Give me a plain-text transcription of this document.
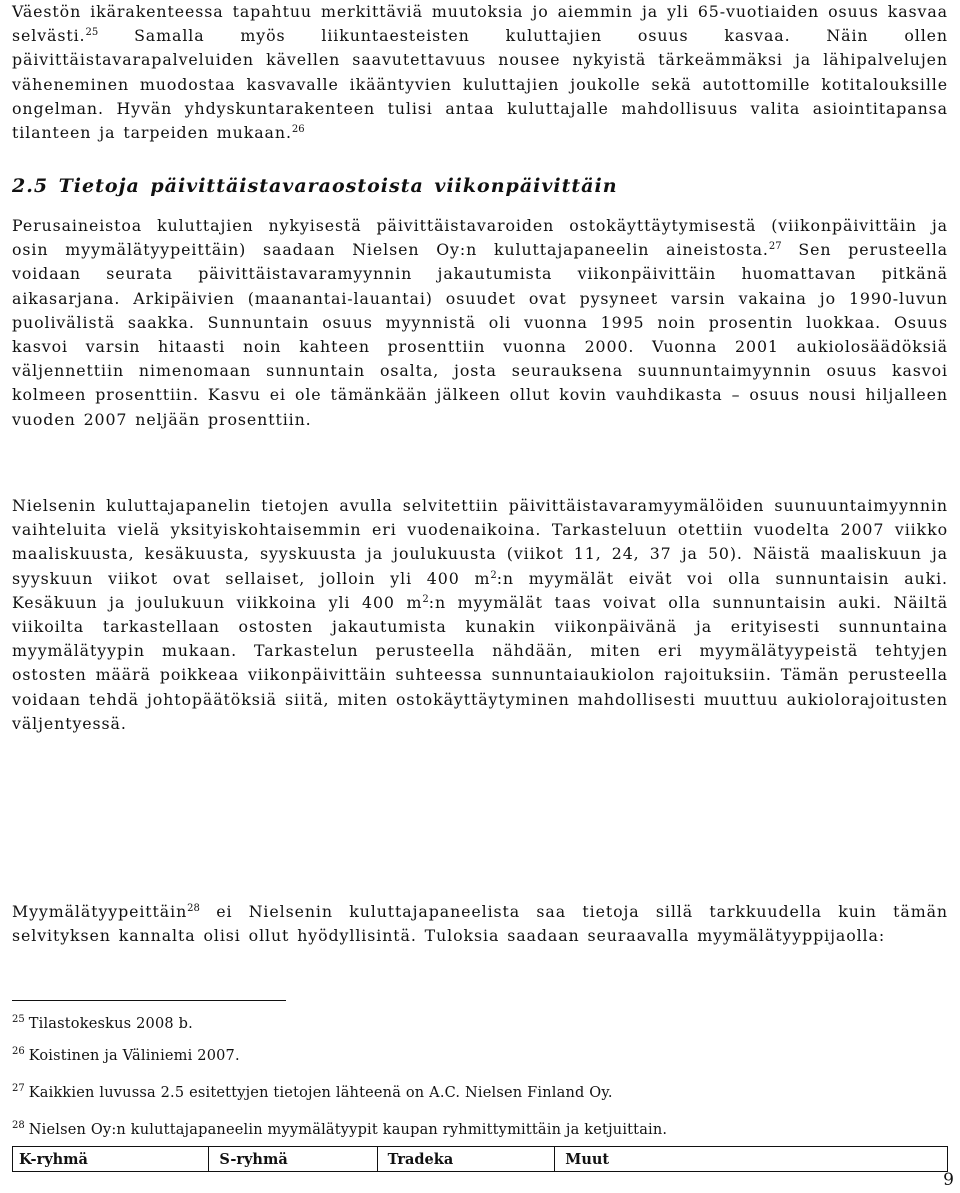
Väestön ikärakenteessa tapahtuu merkittäviä muutoksia jo aiemmin ja yli 65-vuotiaiden osuus kasvaa selvästi.$^{25}$ Samalla myös liikuntaesteisten kuluttajien osuus kasvaa. Näin ollen päivittäistavarapalveluiden kävellen saavutettavuus nousee nykyistä tärkeämmäksi ja lähipalvelujen väheneminen muodostaa kasvavalle ikääntyvien kuluttajien joukolle sekä autottomille kotitalouksille ongelman. Hyvän yhdyskuntarakenteen tulisi antaa kuluttajalle mahdollisuus valita asiointitapansa tilanteen ja tarpeiden mukaan.$^{26}$

2.5 Tietoja päivittäistavaraostoista viikonpäivittäin

Perusaineistoa kuluttajien nykyisestä päivittäistavaroiden ostokäyttäytymisestä (viikonpäivittäin ja osin myymälätyypeittäin) saadaan Nielsen Oy:n kuluttajapaneelin aineistosta.$^{27}$ Sen perusteella voidaan seurata päivittäistavaramyynnin jakautumista viikonpäivittäin huomattavan pitkänä aikasarjana. Arkipäivien (maanantai-lauantai) osuudet ovat pysyneet varsin vakaina jo 1990-luvun puolivälistä saakka. Sunnuntain osuus myynnistä oli vuonna 1995 noin prosentin luokkaa. Osuus kasvoi varsin hitaasti noin kahteen prosenttiin vuonna 2000. Vuonna 2001 aukiolosäädöksiä väljennettiin nimenomaan sunnuntain osalta, josta seurauksena suunnuntaimyynnin osuus kasvoi kolmeen prosenttiin. Kasvu ei ole tämänkään jälkeen ollut kovin vauhdikasta – osuus nousi hiljalleen vuoden 2007 neljään prosenttiin.

Nielsenin kuluttajapanelin tietojen avulla selvitettiin päivittäistavaramyymälöiden suunuuntaimyynnin vaihteluita vielä yksityiskohtaisemmin eri vuodenaikoina. Tarkasteluun otettiin vuodelta 2007 viikko maaliskuusta, kesäkuusta, syyskuusta ja joulukuusta (viikot 11, 24, 37 ja 50). Näistä maaliskuun ja syyskuun viikot ovat sellaiset, jolloin yli 400 $m^2:n$ myymälät eivät voi olla sunnuntaisin auki. Kesäkuun ja joulukuun viikkoina yli 400 $m^2:n$ myymälät taas voivat olla sunnuntaisin auki. Näiltä viikoilta tarkastellaan ostosten jakautumista kunakin viikonpäivänä ja erityisesti sunnuntaina myymälätyypin mukaan. Tarkastelun perusteella nähdään, miten eri myymälätyypeistä tehtyjen ostosten määrä poikkeaa viikonpäivittäin suhteessa sunnuntaiaukiolon rajoituksiin. Tämän perusteella voidaan tehdä johtopäätöksiä siitä, miten ostokäyttäytyminen mahdollisesti muuttuu aukiolorajoitusten väljentyessä.

Myymälätyypeittäin$^{28}$ ei Nielsenin kuluttajapaneelista saa tietoja sillä tarkkuudella kuin tämän selvityksen kannalta olisi ollut hyödyllisintä. Tuloksia saadaan seuraavalla myymälätyyppijaolla:

$^{25}$ Tilastokeskus 2008 b.

$^{26}$ Koistinen ja Väliniemi 2007.

$^{27}$ Kaikkien luvussa 2.5 esitettyjen tietojen lähteenä on A.C. Nielsen Finland Oy.

$^{28}$ Nielsen Oy:n kuluttajapaneelin myymälätyypit kaupan ryhmittymittäin ja ketjuittain.

K-ryhmä	S-ryhmä	Tradeka	Muut
9
